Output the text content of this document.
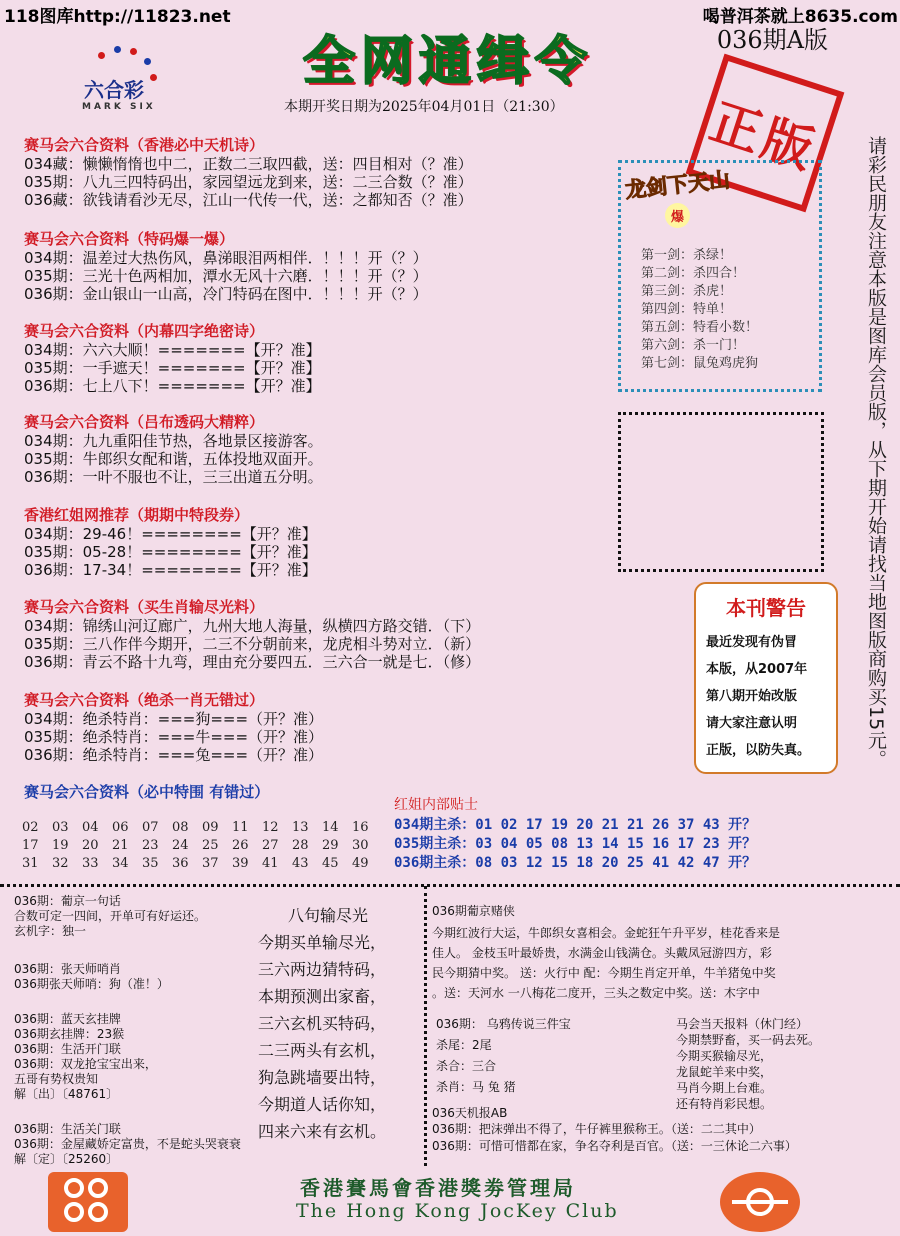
118图库http://11823.net	喝普洱茶就上8635.com
036期A版
六合彩
MARK SIX
全 网 通 缉 令
本期开奖日期为2025年04月01日（21:30）	正版 请彩民朋友注意本版是图库会员版，从下期开始请找当地图版商购买15元。
赛马会六合资料（香港必中天机诗）
034藏：懒懒惰惰也中二，正数二三取四截，送：四目相对（？准）
035期：八九三四特码出，家园望远龙到来，送：二三合数（？准）
036藏：欲钱请看沙无尽，江山一代传一代，送：之都知否（？准）
赛马会六合资料（特码爆一爆）
034期：温差过大热伤风，鼻涕眼泪两相伴．！！！开（？）
035期：三光十色两相加，潭水无风十六磨．！！！开（？）
036期：金山银山一山高，冷门特码在图中．！！！开（？）
赛马会六合资料（内幕四字绝密诗）
034期：六六大顺！=======【开？准】
035期：一手遮天！=======【开？准】
036期：七上八下！=======【开？准】
赛马会六合资料（吕布透码大精粹）
034期：九九重阳佳节热，各地景区接游客。
035期：牛郎织女配和谐，五体投地双面开。
036期：一叶不服也不让，三三出道五分明。
香港红姐网推荐（期期中特段券）
034期：29-46！========【开？准】
035期：05-28！========【开？准】
036期：17-34！========【开？准】
赛马会六合资料（买生肖输尽光料）
034期：锦绣山河辽廊广，九州大地人海量，纵横四方路交错．（下）
035期：三八作伴今期开，二三不分朝前来，龙虎相斗势对立．（新）
036期：青云不路十九弯，理由充分要四五．三六合一就是七．（修）
赛马会六合资料（绝杀一肖无错过）
034期：绝杀特肖：===狗===（开？准）
035期：绝杀特肖：===牛===（开？准）
036期：绝杀特肖：===兔===（开？准）
赛马会六合资料（必中特围 有错过）
02	03	04	06	07	08	09	11	12	13	14	16
17	19	20	21	23	24	25	26	27	28	29	30
31	32	33	34	35	36	37	39	41	43	45	49
红姐内部贴士
034期主杀：01 02 17 19 20 21 21 26 37 43 开？
035期主杀：03 04 05 08 13 14 15 16 17 23 开？
036期主杀：08 03 12 15 18 20 25 41 42 47 开？
龙剑下天山
爆
第一剑：杀绿！
第二剑：杀四合！
第三剑：杀虎！
第四剑：特单！
第五剑：特看小数！
第六剑：杀一门！
第七剑：鼠兔鸡虎狗
本刊警告
最近发现有伪冒
本版，从2007年
第八期开始改版
请大家注意认明
正版，以防失真。
036期：葡京一句话
合数可定一四间，开单可有好运还。
玄机字：独一
036期：张天师哨肖
036期张天师哨：狗（准！）
036期：蓝天玄挂牌
036期玄挂牌：23猴
036期：生活开门联
036期：双龙抢宝宝出来，
五哥有势权贵知
解〔出〕〔48761〕
036期：生活关门联
036期：金屋藏娇定富贵，不是蛇头哭衰衰
解〔定〕〔25260〕
八句输尽光
今期买单输尽光，
三六两边猜特码，
本期预测出家畜，
三六玄机买特码，
二三两头有玄机，
狗急跳墙要出特，
今期道人话你知，
四来六来有玄机。
036期葡京赌侠
今期红波行大运，牛郎织女喜相会。金蛇狂午升平岁，桂花香来是
佳人。 金枝玉叶最娇贵，水满金山钱满仓。头戴凤冠游四方，彩
民今期猜中奖。 送：火行中 配：今期生肖定开单，牛羊猪兔中奖
。送：天河水 一八梅花二度开，三头之数定中奖。送：木字中
036期： 乌鸦传说三件宝
杀尾：2尾
杀合：三合
杀肖：马 兔 猪
马会当天报料（休门经）
今期禁野畜，买一码去死。
今期买猴输尽光，
龙鼠蛇羊来中奖，
马肖今期上台难。
还有特肖彩民想。
036天机报AB
036期：把沫弹出不得了，牛仔裤里猴称王。（送：二二其中）
036期：可惜可惜都在家，争名夺利是百官。（送：一三休论二六事）
香港賽馬會香港獎劵管理局
The Hong Kong JocKey Club
